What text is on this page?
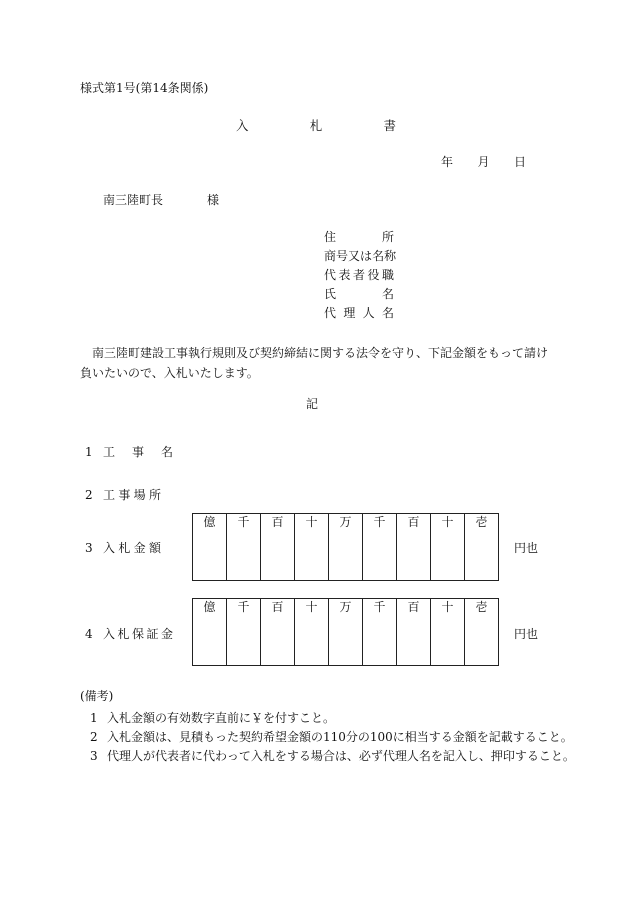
様式第1号(第14条関係)
入	札	書
年 月 日
南三陸町長	様
住	所
商 号 又 は 名 称
代 表 者 役 職
氏	名
代 理 人 名
南三陸町建設工事執行規則及び契約締結に関する法令を守り、下記金額をもって請け負いたいので、入札いたします。
記
1 工 事 名
2 工 事 場 所
3 入 札 金 額
億	千	百	十	万	千	百	十	壱

円也
4 入 札 保 証 金
億	千	百	十	万	千	百	十	壱

円也
(備考)
1 入札金額の有効数字直前に￥を付すこと。
2 入札金額は、見積もった契約希望金額の110分の100に相当する金額を記載すること。
3 代理人が代表者に代わって入札をする場合は、必ず代理人名を記入し、押印すること。
